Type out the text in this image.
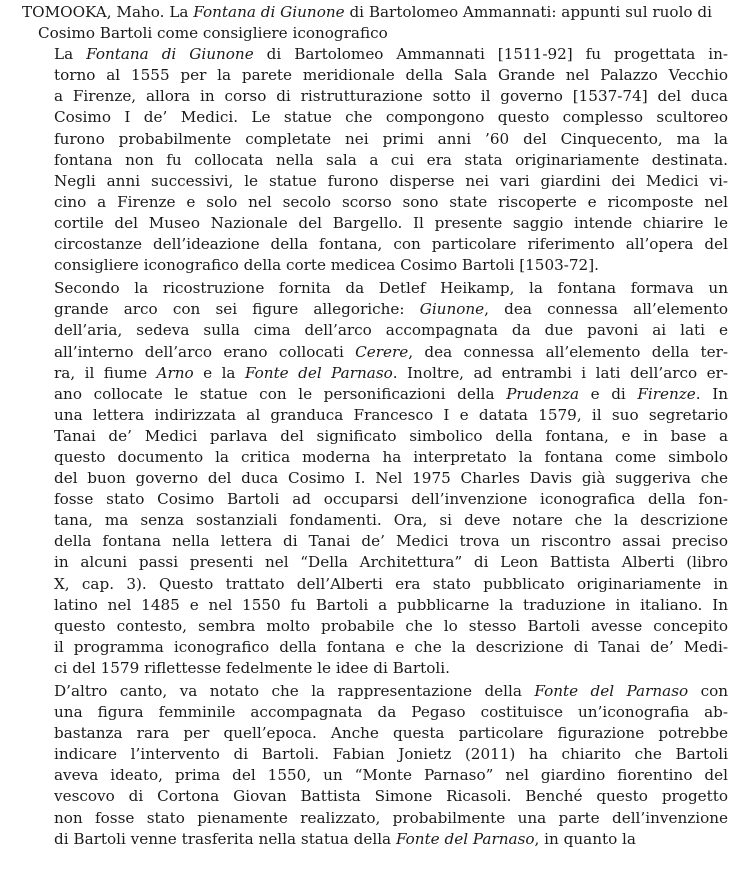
TOMOOKA, Maho. La Fontana di Giunone di Bartolomeo Ammannati: appunti sul ruolo di Cosimo Bartoli come consigliere iconografico

La Fontana di Giunone di Bartolomeo Ammannati [1511-92] fu progettata in-
torno al 1555 per la parete meridionale della Sala Grande nel Palazzo Vecchio
a Firenze, allora in corso di ristrutturazione sotto il governo [1537-74] del duca
Cosimo I de’ Medici. Le statue che compongono questo complesso scultoreo
furono probabilmente completate nei primi anni ’60 del Cinquecento, ma la
fontana non fu collocata nella sala a cui era stata originariamente destinata.
Negli anni successivi, le statue furono disperse nei vari giardini dei Medici vi-
cino a Firenze e solo nel secolo scorso sono state riscoperte e ricomposte nel
cortile del Museo Nazionale del Bargello. Il presente saggio intende chiarire le
circostanze dell’ideazione della fontana, con particolare riferimento all’opera del
consigliere iconografico della corte medicea Cosimo Bartoli [1503-72].
Secondo la ricostruzione fornita da Detlef Heikamp, la fontana formava un
grande arco con sei figure allegoriche: Giunone, dea connessa all’elemento
dell’aria, sedeva sulla cima dell’arco accompagnata da due pavoni ai lati e
all’interno dell’arco erano collocati Cerere, dea connessa all’elemento della ter-
ra, il fiume Arno e la Fonte del Parnaso. Inoltre, ad entrambi i lati dell’arco er-
ano collocate le statue con le personificazioni della Prudenza e di Firenze. In
una lettera indirizzata al granduca Francesco I e datata 1579, il suo segretario
Tanai de’ Medici parlava del significato simbolico della fontana, e in base a
questo documento la critica moderna ha interpretato la fontana come simbolo
del buon governo del duca Cosimo I. Nel 1975 Charles Davis già suggeriva che
fosse stato Cosimo Bartoli ad occuparsi dell’invenzione iconografica della fon-
tana, ma senza sostanziali fondamenti. Ora, si deve notare che la descrizione
della fontana nella lettera di Tanai de’ Medici trova un riscontro assai preciso
in alcuni passi presenti nel “Della Architettura” di Leon Battista Alberti (libro
X, cap. 3). Questo trattato dell’Alberti era stato pubblicato originariamente in
latino nel 1485 e nel 1550 fu Bartoli a pubblicarne la traduzione in italiano. In
questo contesto, sembra molto probabile che lo stesso Bartoli avesse concepito
il programma iconografico della fontana e che la descrizione di Tanai de’ Medi-
ci del 1579 riflettesse fedelmente le idee di Bartoli.
D’altro canto, va notato che la rappresentazione della Fonte del Parnaso con
una figura femminile accompagnata da Pegaso costituisce un’iconografia ab-
bastanza rara per quell’epoca. Anche questa particolare figurazione potrebbe
indicare l’intervento di Bartoli. Fabian Jonietz (2011) ha chiarito che Bartoli
aveva ideato, prima del 1550, un “Monte Parnaso” nel giardino fiorentino del
vescovo di Cortona Giovan Battista Simone Ricasoli. Benché questo progetto
non fosse stato pienamente realizzato, probabilmente una parte dell’invenzione
di Bartoli venne trasferita nella statua della Fonte del Parnaso, in quanto la
